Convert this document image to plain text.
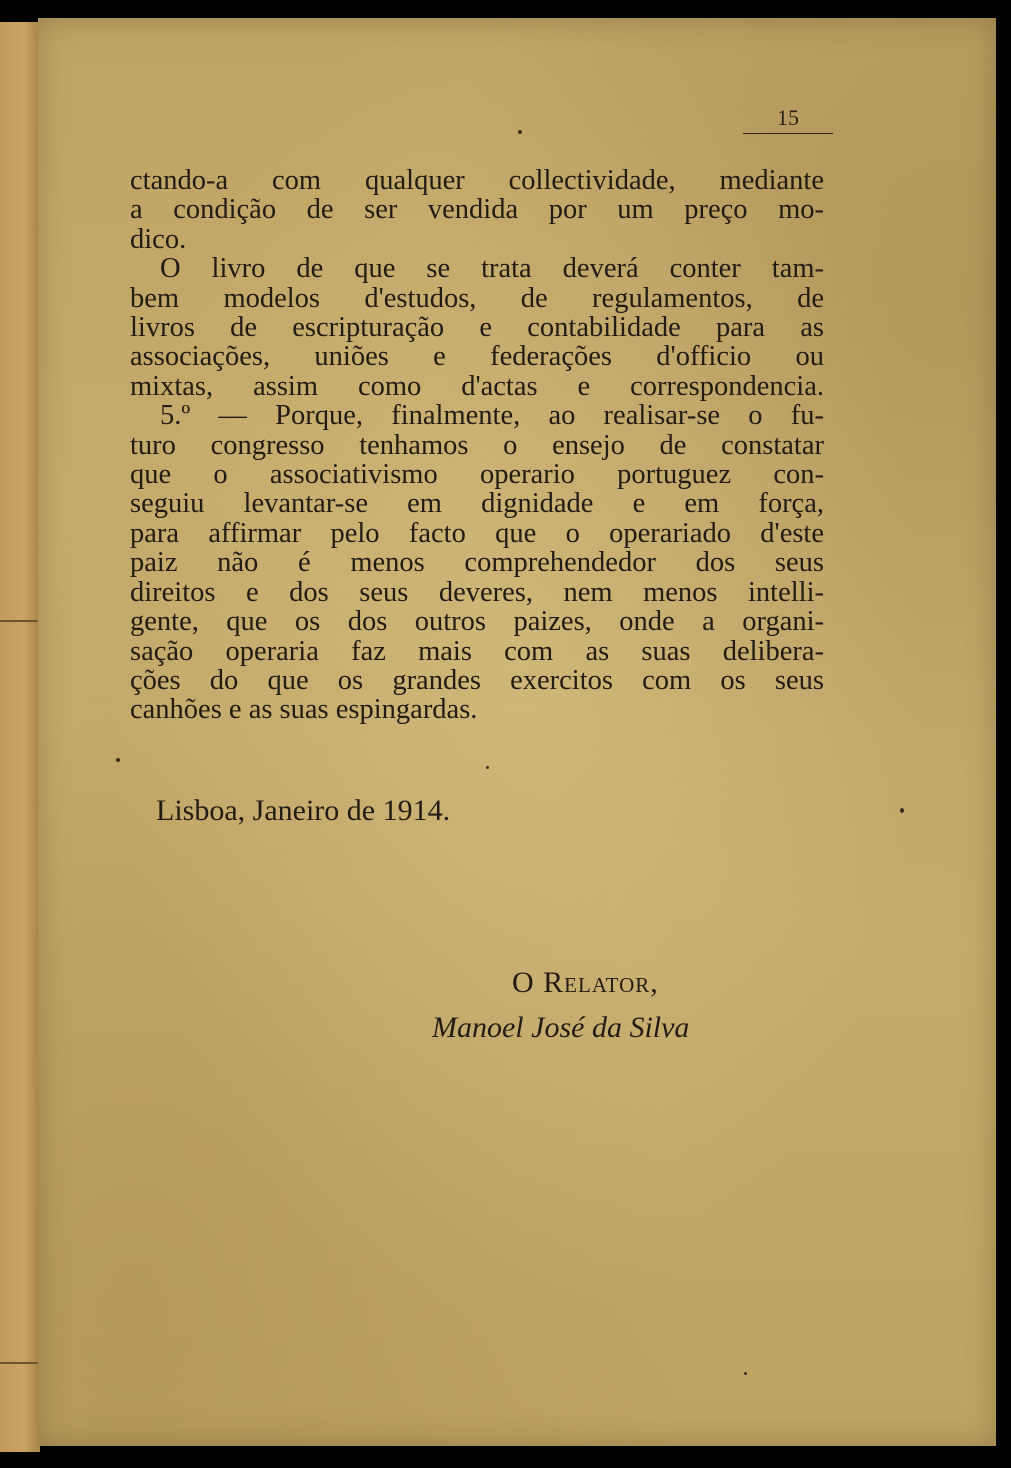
15
ctando-a com qualquer collectividade, mediante
a condição de ser vendida por um preço mo-
dico.
O livro de que se trata deverá conter tam-
bem modelos d'estudos, de regulamentos, de
livros de escripturação e contabilidade para as
associações, uniões e federações d'officio ou
mixtas, assim como d'actas e correspondencia.
5.º — Porque, finalmente, ao realisar-se o fu-
turo congresso tenhamos o ensejo de constatar
que o associativismo operario portuguez con-
seguiu levantar-se em dignidade e em força,
para affirmar pelo facto que o operariado d'este
paiz não é menos comprehendedor dos seus
direitos e dos seus deveres, nem menos intelli-
gente, que os dos outros paizes, onde a organi-
sação operaria faz mais com as suas delibera-
ções do que os grandes exercitos com os seus
canhões e as suas espingardas.
Lisboa, Janeiro de 1914.
O Relator,
Manoel José da Silva
